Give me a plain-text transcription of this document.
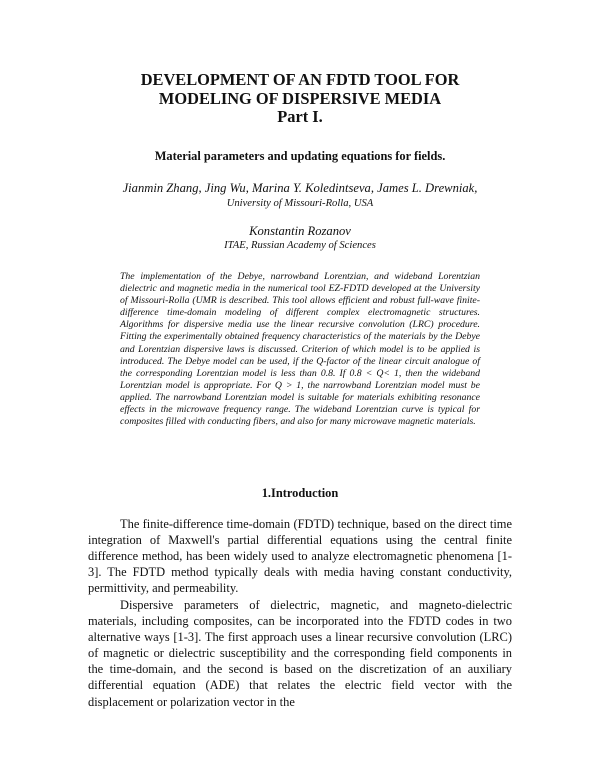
DEVELOPMENT OF AN FDTD TOOL FOR
MODELING OF DISPERSIVE MEDIA
Part I.

Material parameters and updating equations for fields.

Jianmin Zhang, Jing Wu, Marina Y. Koledintseva, James L. Drewniak,

University of Missouri-Rolla, USA

Konstantin Rozanov

ITAE, Russian Academy of Sciences

The implementation of the Debye, narrowband Lorentzian, and wideband Lorentzian dielectric and magnetic media in the numerical tool EZ-FDTD developed at the University of Missouri-Rolla (UMR is described. This tool allows efficient and robust full-wave finite-difference time-domain modeling of different complex electromagnetic structures. Algorithms for dispersive media use the linear recursive convolution (LRC) procedure. Fitting the experimentally obtained frequency characteristics of the materials by the Debye and Lorentzian dispersive laws is discussed. Criterion of which model is to be applied is introduced. The Debye model can be used, if the Q-factor of the linear circuit analogue of the corresponding Lorentzian model is less than 0.8. If 0.8 < Q< 1, then the wideband Lorentzian model is appropriate. For Q > 1, the narrowband Lorentzian model must be applied. The narrowband Lorentzian model is suitable for materials exhibiting resonance effects in the microwave frequency range. The wideband Lorentzian curve is typical for composites filled with conducting fibers, and also for many microwave magnetic materials.

1.Introduction

The finite-difference time-domain (FDTD) technique, based on the direct time integration of Maxwell's partial differential equations using the central finite difference method, has been widely used to analyze electromagnetic phenomena [1-3]. The FDTD method typically deals with media having constant conductivity, permittivity, and permeability.

Dispersive parameters of dielectric, magnetic, and magneto-dielectric materials, including composites, can be incorporated into the FDTD codes in two alternative ways [1-3]. The first approach uses a linear recursive convolution (LRC) of magnetic or dielectric susceptibility and the corresponding field components in the time-domain, and the second is based on the discretization of an auxiliary differential equation (ADE) that relates the electric field vector with the displacement or polarization vector in the
